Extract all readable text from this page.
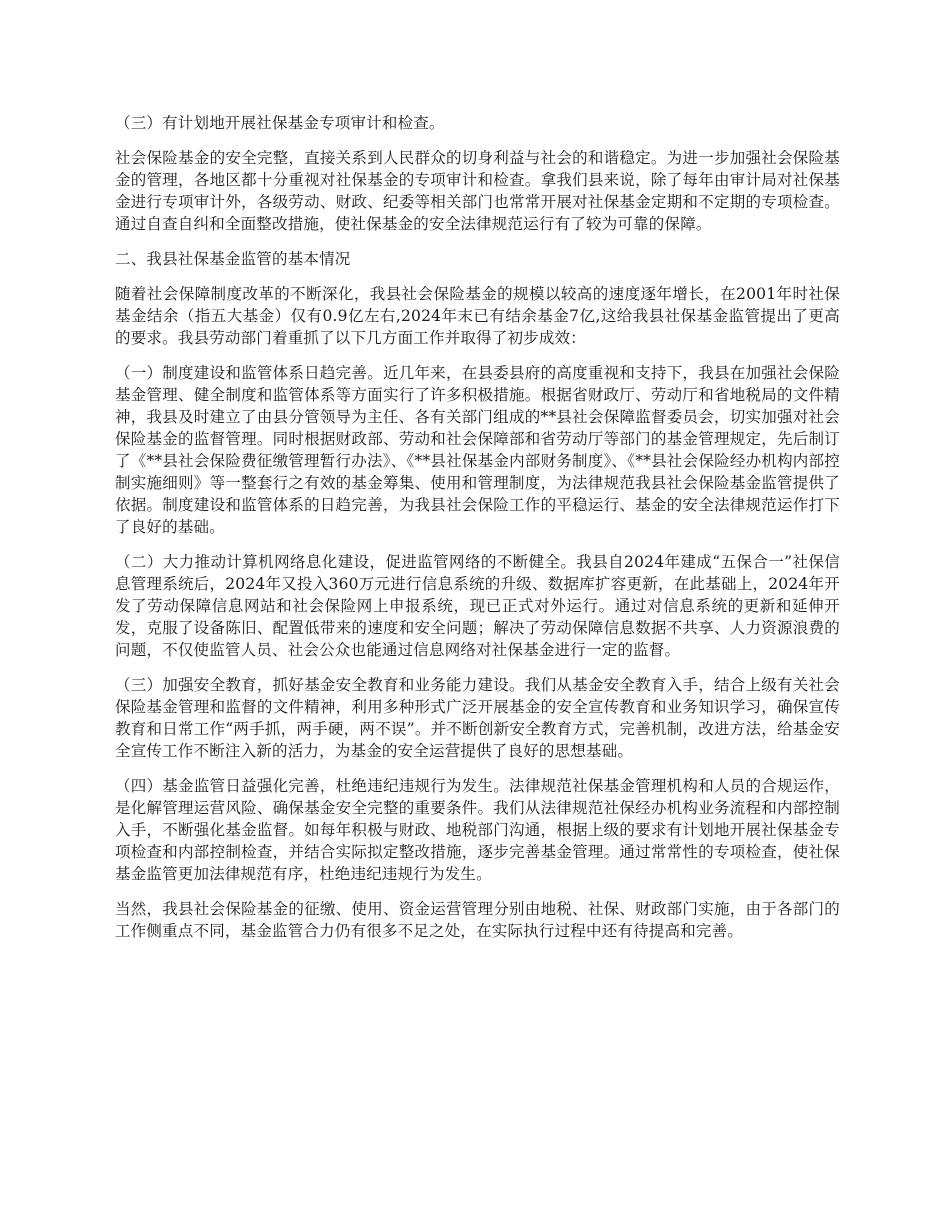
（三）有计划地开展社保基金专项审计和检查。

社会保险基金的安全完整，直接关系到人民群众的切身利益与社会的和谐稳定。为进一步加强社会保险基金的管理，各地区都十分重视对社保基金的专项审计和检查。拿我们县来说，除了每年由审计局对社保基金进行专项审计外，各级劳动、财政、纪委等相关部门也常常开展对社保基金定期和不定期的专项检查。通过自查自纠和全面整改措施，使社保基金的安全法律规范运行有了较为可靠的保障。

二、我县社保基金监管的基本情况

随着社会保障制度改革的不断深化，我县社会保险基金的规模以较高的速度逐年增长，在2001年时社保基金结余（指五大基金）仅有0.9亿左右,2024年末已有结余基金7亿,这给我县社保基金监管提出了更高的要求。我县劳动部门着重抓了以下几方面工作并取得了初步成效：

（一）制度建设和监管体系日趋完善。近几年来，在县委县府的高度重视和支持下，我县在加强社会保险基金管理、健全制度和监管体系等方面实行了许多积极措施。根据省财政厅、劳动厅和省地税局的文件精神，我县及时建立了由县分管领导为主任、各有关部门组成的**县社会保障监督委员会，切实加强对社会保险基金的监督管理。同时根据财政部、劳动和社会保障部和省劳动厅等部门的基金管理规定，先后制订了《**县社会保险费征缴管理暂行办法》、《**县社保基金内部财务制度》、《**县社会保险经办机构内部控制实施细则》等一整套行之有效的基金筹集、使用和管理制度，为法律规范我县社会保险基金监管提供了依据。制度建设和监管体系的日趋完善，为我县社会保险工作的平稳运行、基金的安全法律规范运作打下了良好的基础。

（二）大力推动计算机网络息化建设，促进监管网络的不断健全。我县自2024年建成“五保合一”社保信息管理系统后，2024年又投入360万元进行信息系统的升级、数据库扩容更新，在此基础上，2024年开发了劳动保障信息网站和社会保险网上申报系统，现已正式对外运行。通过对信息系统的更新和延伸开发，克服了设备陈旧、配置低带来的速度和安全问题；解决了劳动保障信息数据不共享、人力资源浪费的问题，不仅使监管人员、社会公众也能通过信息网络对社保基金进行一定的监督。

（三）加强安全教育，抓好基金安全教育和业务能力建设。我们从基金安全教育入手，结合上级有关社会保险基金管理和监督的文件精神，利用多种形式广泛开展基金的安全宣传教育和业务知识学习，确保宣传教育和日常工作“两手抓，两手硬，两不误”。并不断创新安全教育方式，完善机制，改进方法，给基金安全宣传工作不断注入新的活力，为基金的安全运营提供了良好的思想基础。

（四）基金监管日益强化完善，杜绝违纪违规行为发生。法律规范社保基金管理机构和人员的合规运作，是化解管理运营风险、确保基金安全完整的重要条件。我们从法律规范社保经办机构业务流程和内部控制入手，不断强化基金监督。如每年积极与财政、地税部门沟通，根据上级的要求有计划地开展社保基金专项检查和内部控制检查，并结合实际拟定整改措施，逐步完善基金管理。通过常常性的专项检查，使社保基金监管更加法律规范有序，杜绝违纪违规行为发生。

当然，我县社会保险基金的征缴、使用、资金运营管理分别由地税、社保、财政部门实施，由于各部门的工作侧重点不同，基金监管合力仍有很多不足之处，在实际执行过程中还有待提高和完善。
